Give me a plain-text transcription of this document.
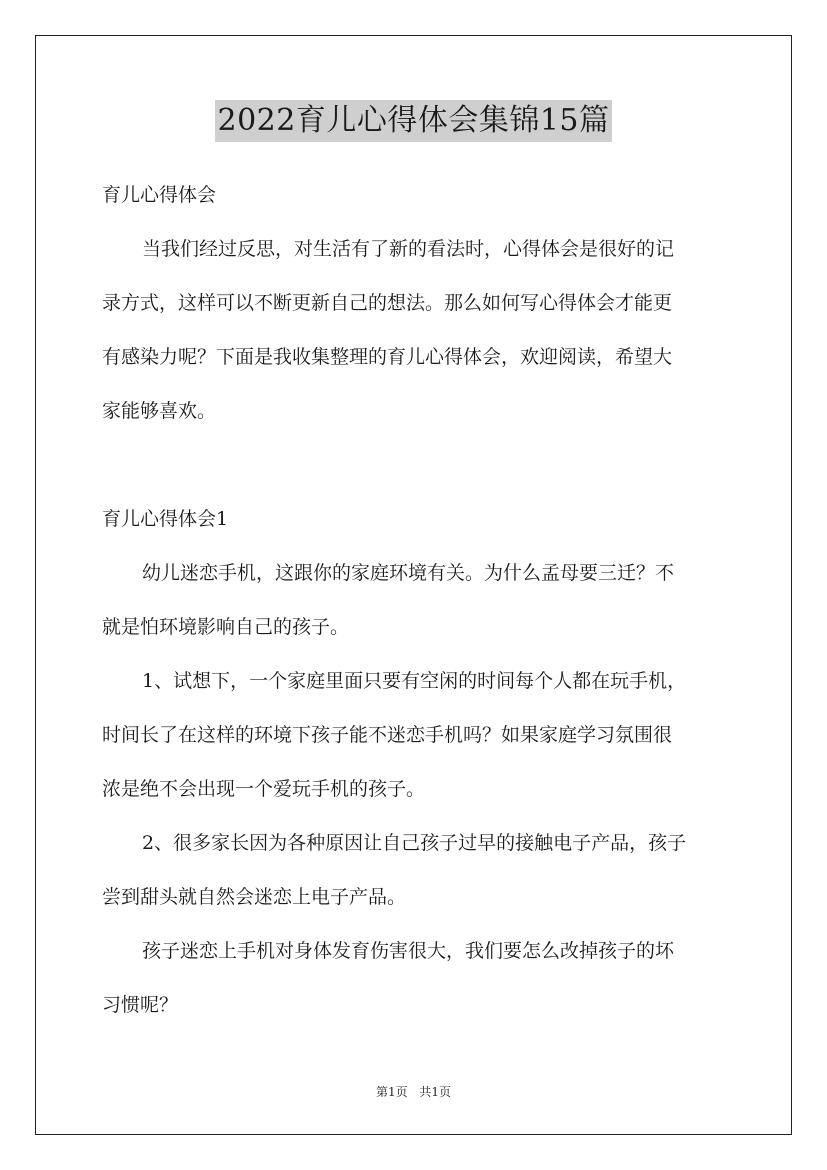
2022育儿心得体会集锦15篇
育儿心得体会
当我们经过反思，对生活有了新的看法时，心得体会是很好的记
录方式，这样可以不断更新自己的想法。那么如何写心得体会才能更
有感染力呢？下面是我收集整理的育儿心得体会，欢迎阅读，希望大
家能够喜欢。
育儿心得体会1
幼儿迷恋手机，这跟你的家庭环境有关。为什么孟母要三迁？不
就是怕环境影响自己的孩子。
1、试想下，一个家庭里面只要有空闲的时间每个人都在玩手机，
时间长了在这样的环境下孩子能不迷恋手机吗？如果家庭学习氛围很
浓是绝不会出现一个爱玩手机的孩子。
2、很多家长因为各种原因让自己孩子过早的接触电子产品，孩子
尝到甜头就自然会迷恋上电子产品。
孩子迷恋上手机对身体发育伤害很大，我们要怎么改掉孩子的坏
习惯呢？
第1页 共1页
